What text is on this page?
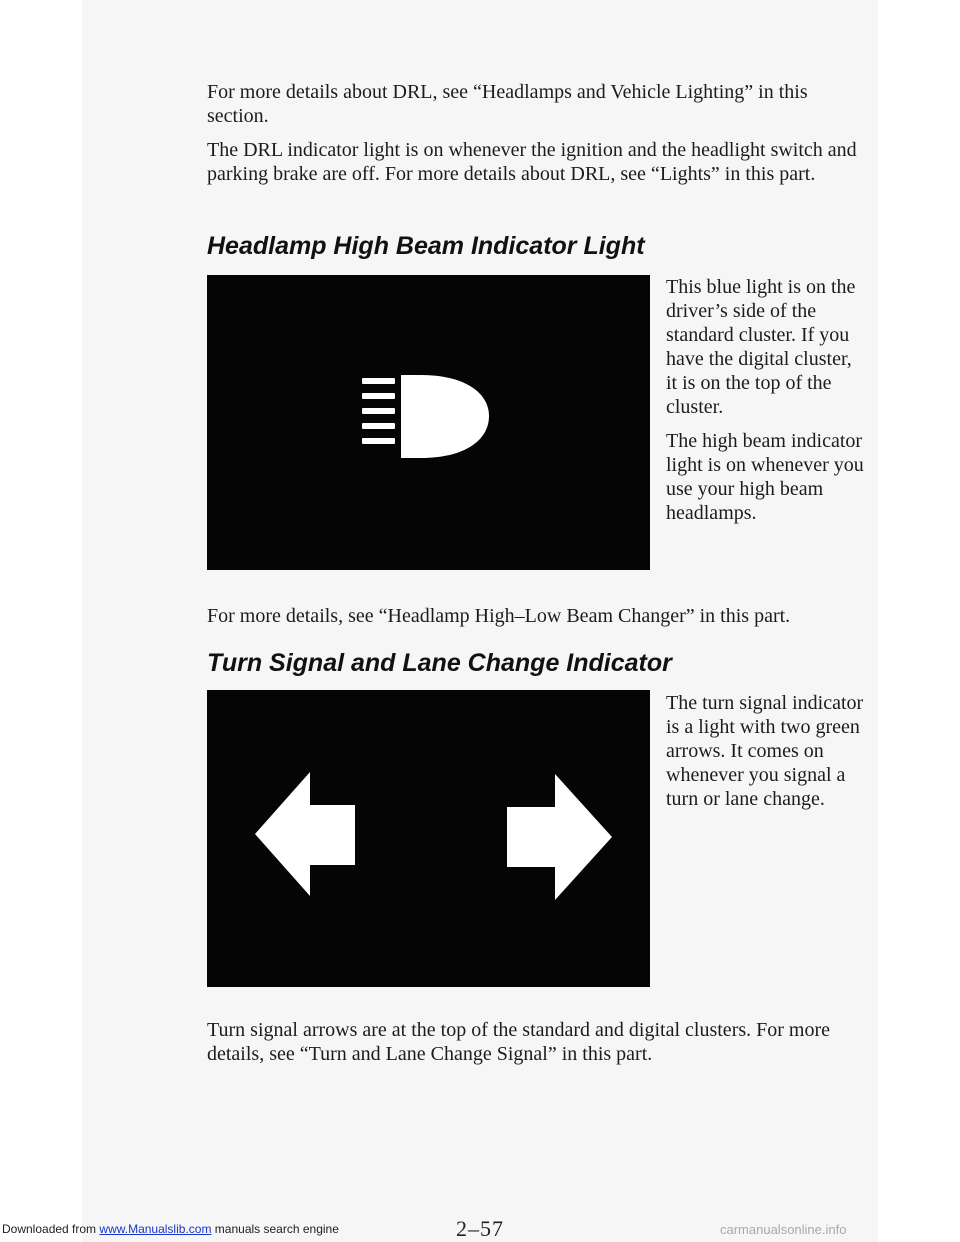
For more details about DRL, see “Headlamps and Vehicle Lighting” in this section.

The DRL indicator light is on whenever the ignition and the headlight switch and parking brake are off. For more details about DRL, see “Lights” in this part.

Headlamp High Beam Indicator Light

This blue light is on the driver’s side of the standard cluster. If you have the digital cluster, it is on the top of the cluster.

The high beam indicator light is on whenever you use your high beam headlamps.

For more details, see “Headlamp High–Low Beam Changer” in this part.

Turn Signal and Lane Change Indicator

The turn signal indicator is a light with two green arrows. It comes on whenever you signal a turn or lane change.

Turn signal arrows are at the top of the standard and digital clusters. For more details, see “Turn and Lane Change Signal” in this part.

2–57
Downloaded from www.Manualslib.com manuals search engine	carmanualsonline.info
